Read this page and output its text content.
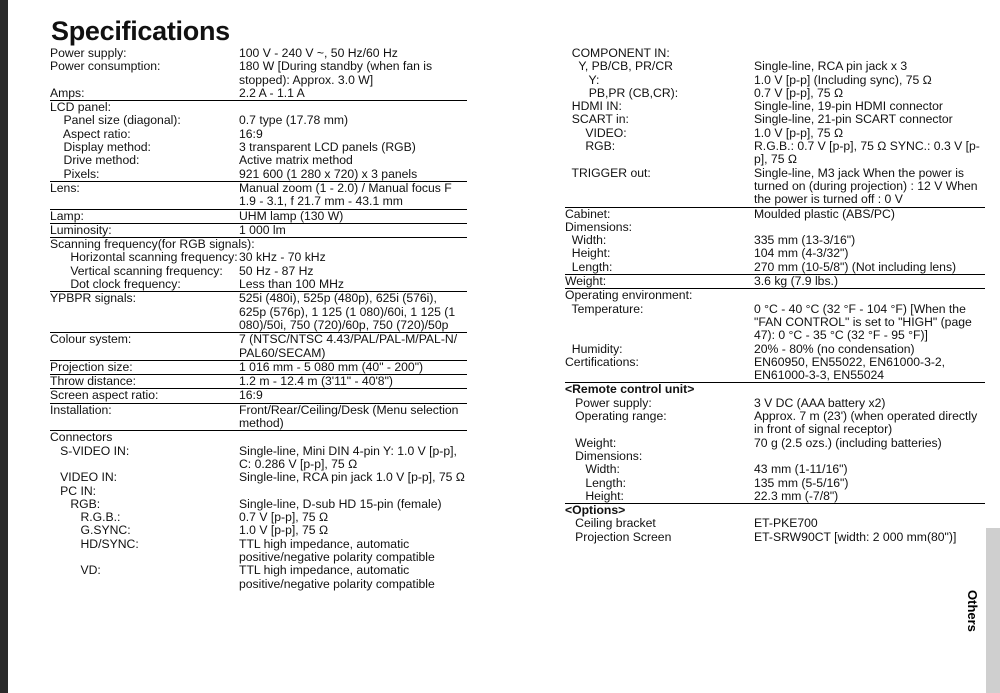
Specifications
Power supply:	100 V - 240 V ~, 50 Hz/60 Hz
Power consumption:	180 W [During standby (when fan is stopped): Approx. 3.0 W]
Amps:	2.2 A - 1.1 A
LCD panel:
Panel size (diagonal):	0.7 type (17.78 mm)
Aspect ratio:	16:9
Display method:	3 transparent LCD panels (RGB)
Drive method:	Active matrix method
Pixels:	921 600 (1 280 x 720) x 3 panels
Lens:	Manual zoom (1 - 2.0) / Manual focus F 1.9 - 3.1, f 21.7 mm - 43.1 mm
Lamp:	UHM lamp (130 W)
Luminosity:	1 000 lm
Scanning frequency(for RGB signals):
Horizontal scanning frequency: 30 kHz - 70 kHz
Vertical scanning frequency:	50 Hz - 87 Hz
Dot clock frequency:	Less than 100 MHz
YPBPR signals:	525i (480i), 525p (480p), 625i (576i), 625p (576p), 1 125 (1 080)/60i, 1 125 (1 080)/50i, 750 (720)/60p, 750 (720)/50p
Colour system:	7 (NTSC/NTSC 4.43/PAL/PAL-M/PAL-N/ PAL60/SECAM)
Projection size:	1 016 mm - 5 080 mm (40" - 200")
Throw distance:	1.2 m - 12.4 m (3'11" - 40'8")
Screen aspect ratio:	16:9
Installation:	Front/Rear/Ceiling/Desk (Menu selection method)
Connectors
S-VIDEO IN:	Single-line, Mini DIN 4-pin Y: 1.0 V [p-p], C: 0.286 V [p-p], 75 Ω
VIDEO IN:	Single-line, RCA pin jack 1.0 V [p-p], 75 Ω
PC IN:
RGB:	Single-line, D-sub HD 15-pin (female)
R.G.B.:	0.7 V [p-p], 75 Ω
G.SYNC:	1.0 V [p-p], 75 Ω
HD/SYNC:	TTL high impedance, automatic positive/negative polarity compatible
VD:	TTL high impedance, automatic positive/negative polarity compatible
COMPONENT IN:
Y, PB/CB, PR/CR	Single-line, RCA pin jack x 3
Y:	1.0 V [p-p] (Including sync), 75 Ω
PB,PR (CB,CR):	0.7 V [p-p], 75 Ω
HDMI IN:	Single-line, 19-pin HDMI connector
SCART in:	Single-line, 21-pin SCART connector
VIDEO:	1.0 V [p-p], 75 Ω
RGB:	R.G.B.: 0.7 V [p-p], 75 Ω SYNC.: 0.3 V [p-p], 75 Ω
TRIGGER out:	Single-line, M3 jack When the power is turned on (during projection) : 12 V When the power is turned off : 0 V
Cabinet:	Moulded plastic (ABS/PC)
Dimensions:
Width:	335 mm (13-3/16")
Height:	104 mm (4-3/32")
Length:	270 mm (10-5/8") (Not including lens)
Weight:	3.6 kg (7.9 lbs.)
Operating environment:
Temperature:	0 °C - 40 °C (32 °F - 104 °F) [When the "FAN CONTROL" is set to "HIGH" (page 47): 0 °C - 35 °C (32 °F - 95 °F)]
Humidity:	20% - 80% (no condensation)
Certifications:	EN60950, EN55022, EN61000-3-2, EN61000-3-3, EN55024
<Remote control unit>
Power supply:	3 V DC (AAA battery x2)
Operating range:	Approx. 7 m (23') (when operated directly in front of signal receptor)
Weight:	70 g (2.5 ozs.) (including batteries)
Dimensions:
Width:	43 mm (1-11/16")
Length:	135 mm (5-5/16")
Height:	22.3 mm (-7/8")
<Options>
Ceiling bracket	ET-PKE700
Projection Screen	ET-SRW90CT [width: 2 000 mm(80")]
Others
